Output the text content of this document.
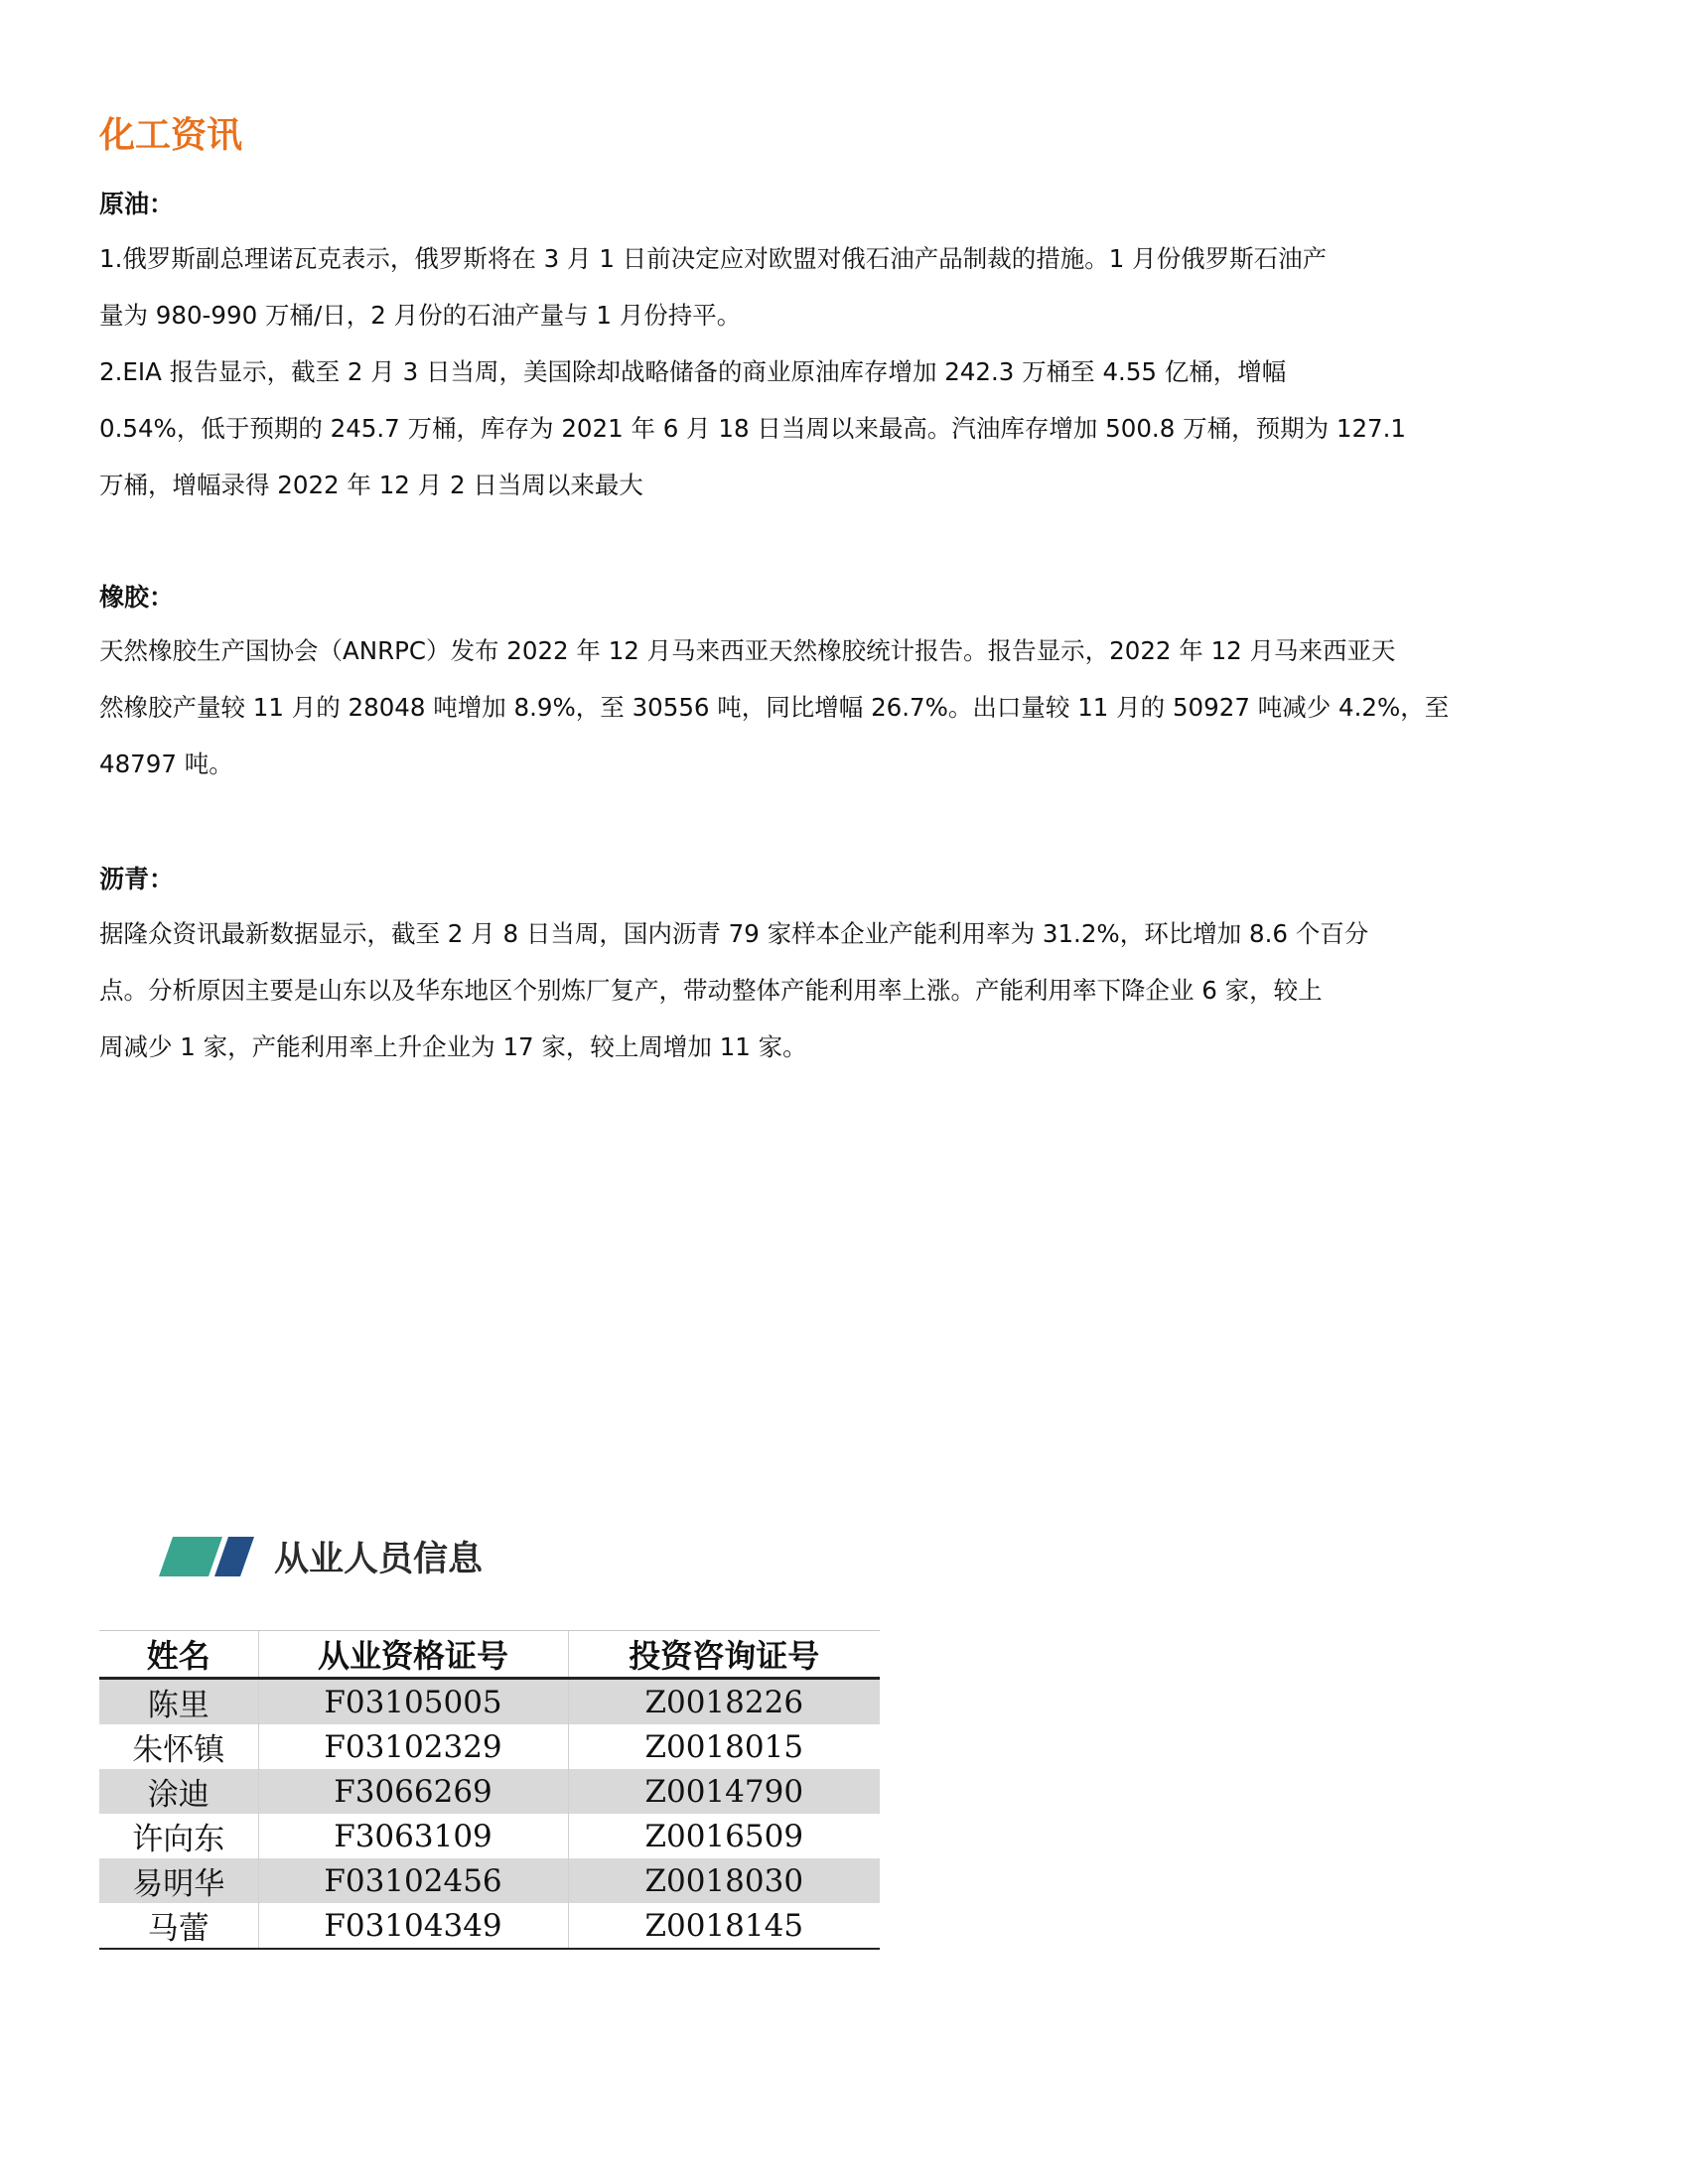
化工资讯
原油：
1.俄罗斯副总理诺瓦克表示，俄罗斯将在 3 月 1 日前决定应对欧盟对俄石油产品制裁的措施。1 月份俄罗斯石油产
量为 980-990 万桶/日，2 月份的石油产量与 1 月份持平。
2.EIA 报告显示，截至 2 月 3 日当周，美国除却战略储备的商业原油库存增加 242.3 万桶至 4.55 亿桶，增幅
0.54%，低于预期的 245.7 万桶，库存为 2021 年 6 月 18 日当周以来最高。汽油库存增加 500.8 万桶，预期为 127.1
万桶，增幅录得 2022 年 12 月 2 日当周以来最大
橡胶：
天然橡胶生产国协会（ANRPC）发布 2022 年 12 月马来西亚天然橡胶统计报告。报告显示，2022 年 12 月马来西亚天
然橡胶产量较 11 月的 28048 吨增加 8.9%，至 30556 吨，同比增幅 26.7%。出口量较 11 月的 50927 吨减少 4.2%，至
48797 吨。
沥青：
据隆众资讯最新数据显示，截至 2 月 8 日当周，国内沥青 79 家样本企业产能利用率为 31.2%，环比增加 8.6 个百分
点。分析原因主要是山东以及华东地区个别炼厂复产，带动整体产能利用率上涨。产能利用率下降企业 6 家，较上
周减少 1 家，产能利用率上升企业为 17 家，较上周增加 11 家。
从业人员信息
姓名	从业资格证号	投资咨询证号
陈里	F03105005	Z0018226
朱怀镇	F03102329	Z0018015
涂迪	F3066269	Z0014790
许向东	F3063109	Z0016509
易明华	F03102456	Z0018030
马蕾	F03104349	Z0018145
